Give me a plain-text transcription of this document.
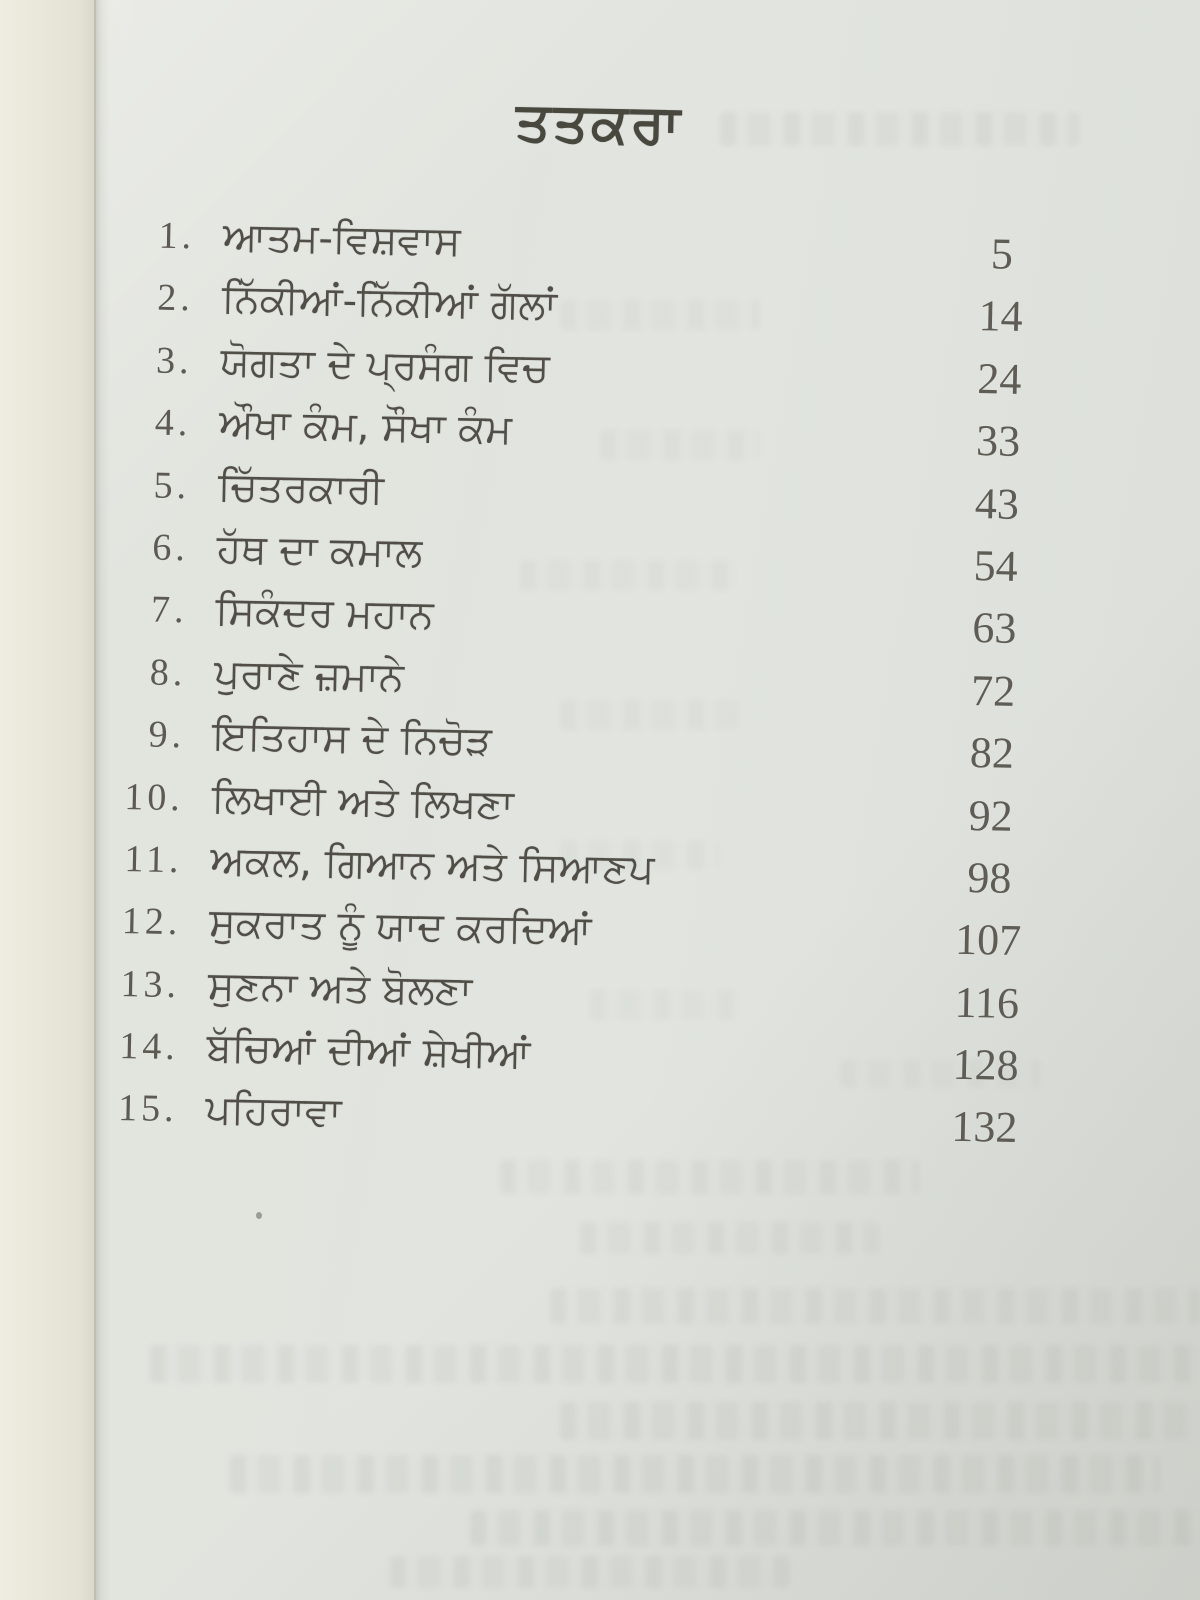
ਤਤਕਰਾ
1. ਆਤਮ-ਵਿਸ਼ਵਾਸ	5
2. ਨਿੱਕੀਆਂ-ਨਿੱਕੀਆਂ ਗੱਲਾਂ	14
3. ਯੋਗਤਾ ਦੇ ਪ੍ਰਸੰਗ ਵਿਚ	24
4. ਔਖਾ ਕੰਮ, ਸੌਖਾ ਕੰਮ	33
5. ਚਿੱਤਰਕਾਰੀ	43
6. ਹੱਥ ਦਾ ਕਮਾਲ	54
7. ਸਿਕੰਦਰ ਮਹਾਨ	63
8. ਪੁਰਾਣੇ ਜ਼ਮਾਨੇ	72
9. ਇਤਿਹਾਸ ਦੇ ਨਿਚੋੜ	82
10. ਲਿਖਾਈ ਅਤੇ ਲਿਖਣਾ	92
11. ਅਕਲ, ਗਿਆਨ ਅਤੇ ਸਿਆਣਪ	98
12. ਸੁਕਰਾਤ ਨੂੰ ਯਾਦ ਕਰਦਿਆਂ	107
13. ਸੁਣਨਾ ਅਤੇ ਬੋਲਣਾ	116
14. ਬੱਚਿਆਂ ਦੀਆਂ ਸ਼ੇਖੀਆਂ	128
15. ਪਹਿਰਾਵਾ	132
